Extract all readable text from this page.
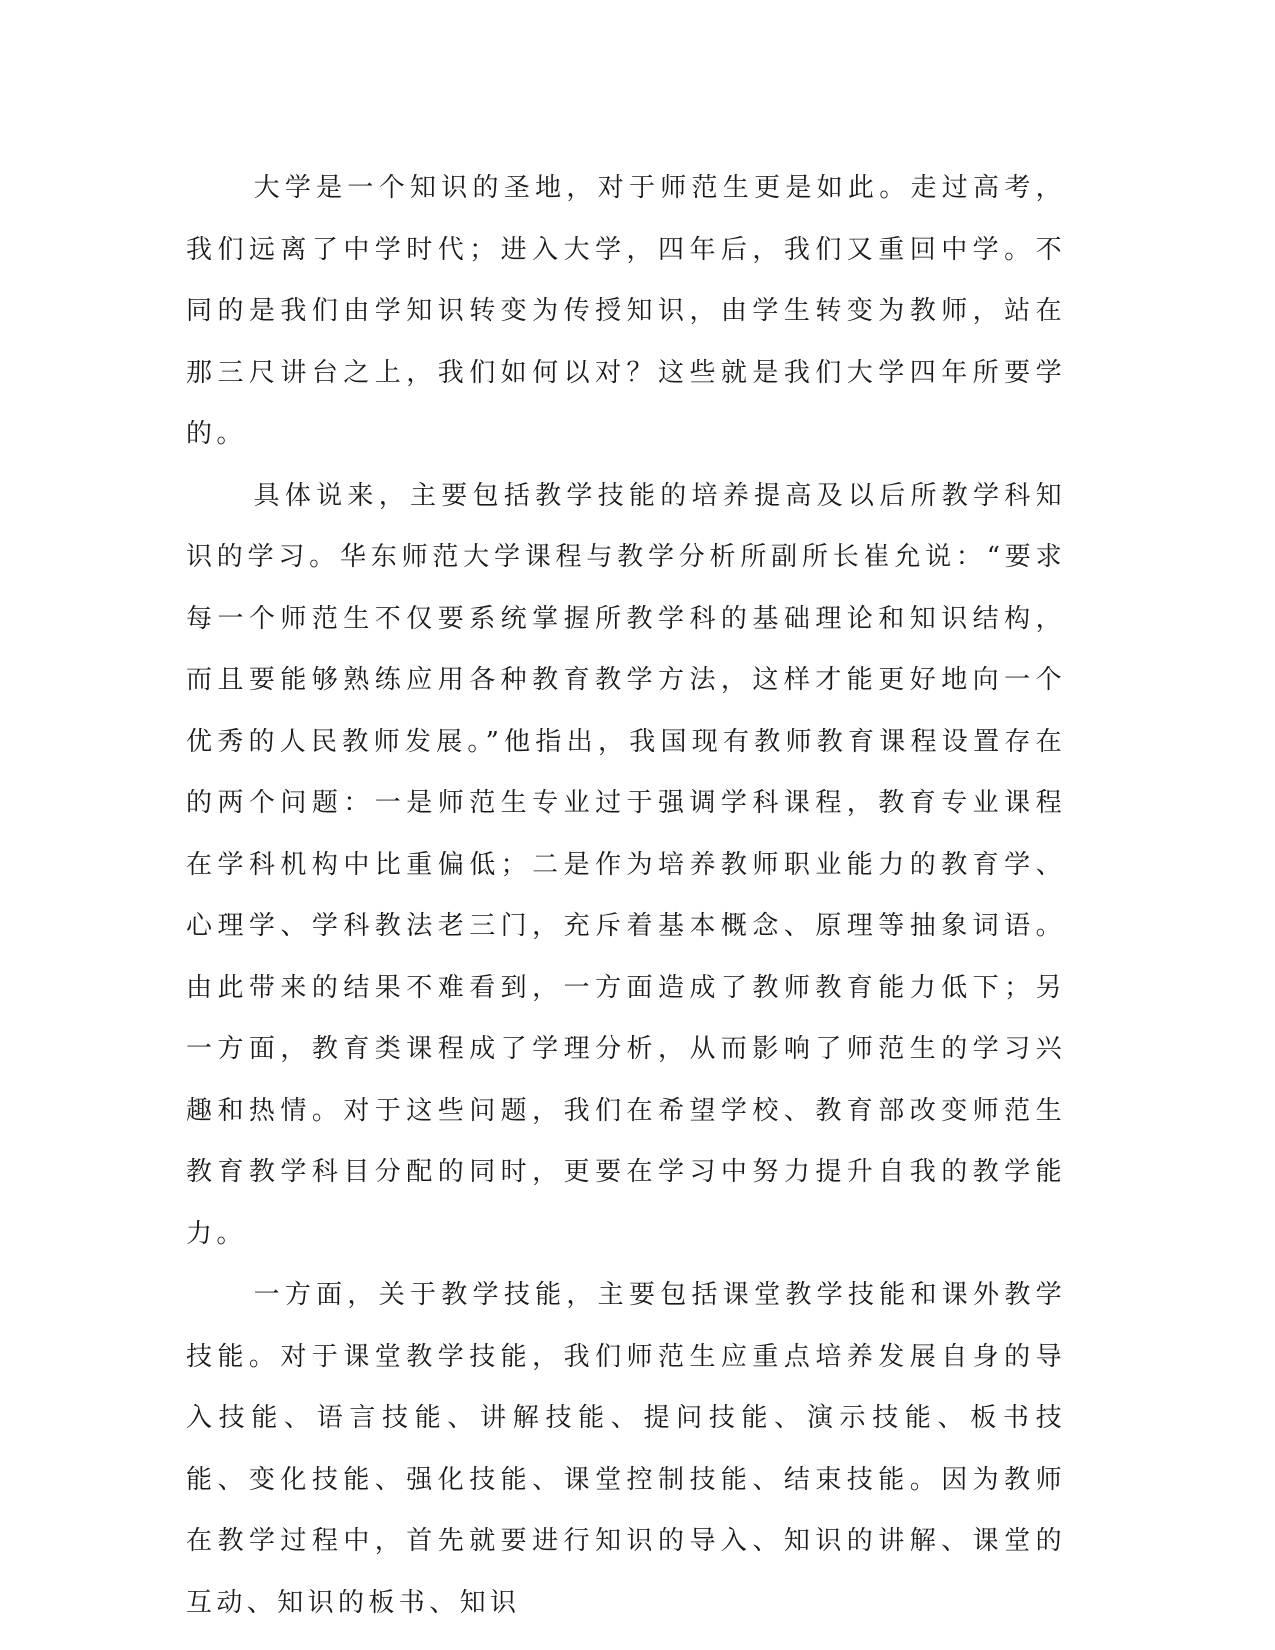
大学是一个知识的圣地，对于师范生更是如此。走过高考，我们远离了中学时代；进入大学，四年后，我们又重回中学。不同的是我们由学知识转变为传授知识，由学生转变为教师，站在那三尺讲台之上，我们如何以对？这些就是我们大学四年所要学的。

具体说来，主要包括教学技能的培养提高及以后所教学科知识的学习。华东师范大学课程与教学分析所副所长崔允说：“要求每一个师范生不仅要系统掌握所教学科的基础理论和知识结构，而且要能够熟练应用各种教育教学方法，这样才能更好地向一个优秀的人民教师发展。”他指出，我国现有教师教育课程设置存在的两个问题：一是师范生专业过于强调学科课程，教育专业课程在学科机构中比重偏低；二是作为培养教师职业能力的教育学、心理学、学科教法老三门，充斥着基本概念、原理等抽象词语。由此带来的结果不难看到，一方面造成了教师教育能力低下；另一方面，教育类课程成了学理分析，从而影响了师范生的学习兴趣和热情。对于这些问题，我们在希望学校、教育部改变师范生教育教学科目分配的同时，更要在学习中努力提升自我的教学能力。

一方面，关于教学技能，主要包括课堂教学技能和课外教学技能。对于课堂教学技能，我们师范生应重点培养发展自身的导入技能、语言技能、讲解技能、提问技能、演示技能、板书技能、变化技能、强化技能、课堂控制技能、结束技能。因为教师在教学过程中，首先就要进行知识的导入、知识的讲解、课堂的互动、知识的板书、知识
